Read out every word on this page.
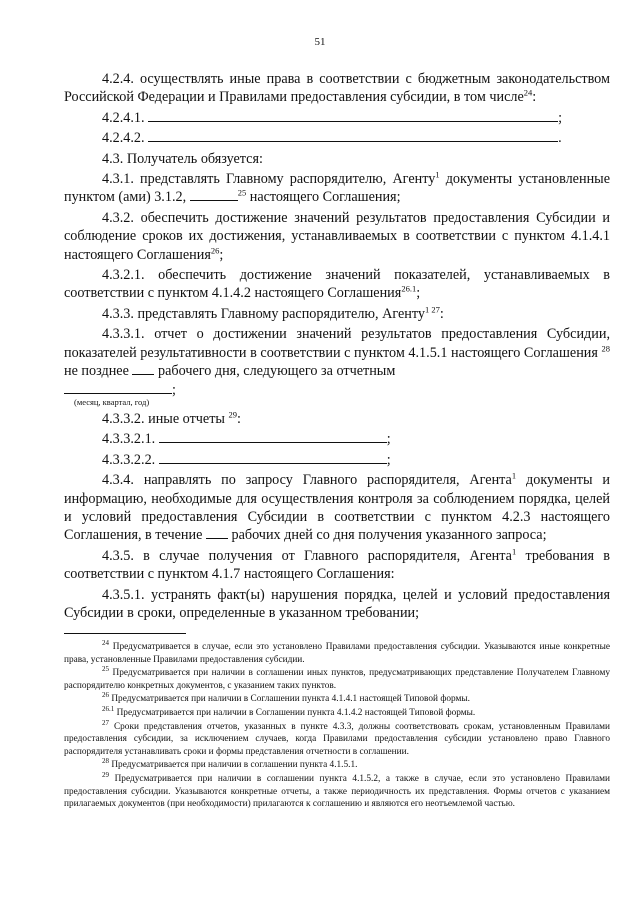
51

4.2.4. осуществлять иные права в соответствии с бюджетным законодательством Российской Федерации и Правилами предоставления субсидии, в том числе$^{24}$:

4.2.4.1.	;

4.2.4.2.	.

4.3. Получатель обязуется:

4.3.1. представлять Главному распорядителю, Агенту$^1$ документы установленные пунктом (ами) 3.1.2,	$^{25}$ настоящего Соглашения;

4.3.2. обеспечить достижение значений результатов предоставления Субсидии и соблюдение сроков их достижения, устанавливаемых в соответствии с пунктом 4.1.4.1 настоящего Соглашения$^{26}$;

4.3.2.1. обеспечить достижение значений показателей, устанавливаемых в соответствии с пунктом 4.1.4.2 настоящего Соглашения$^{26.1}$;

4.3.3. представлять Главному распорядителю, Агенту$^{1 27}$:

4.3.3.1. отчет о достижении значений результатов предоставления Субсидии, показателей результативности в соответствии с пунктом 4.1.5.1 настоящего Соглашения $^{28}$ не позднее рабочего дня, следующего за отчетным
;

(месяц, квартал, год)

4.3.3.2. иные отчеты $^{29}$:

4.3.3.2.1.	;

4.3.3.2.2.	;

4.3.4. направлять по запросу Главного распорядителя, Агента$^1$ документы и информацию, необходимые для осуществления контроля за соблюдением порядка, целей и условий предоставления Субсидии в соответствии с пунктом 4.2.3 настоящего Соглашения, в течение рабочих дней со дня получения указанного запроса;

4.3.5. в случае получения от Главного распорядителя, Агента$^1$ требования в соответствии с пунктом 4.1.7 настоящего Соглашения:

4.3.5.1. устранять факт(ы) нарушения порядка, целей и условий предоставления Субсидии в сроки, определенные в указанном требовании;

$^{24}$ Предусматривается в случае, если это установлено Правилами предоставления субсидии. Указываются иные конкретные права, установленные Правилами предоставления субсидии.

$^{25}$ Предусматривается при наличии в соглашении иных пунктов, предусматривающих представление Получателем Главному распорядителю конкретных документов, с указанием таких пунктов.

$^{26}$ Предусматривается при наличии в Соглашении пункта 4.1.4.1 настоящей Типовой формы.

$^{26.1}$ Предусматривается при наличии в Соглашении пункта 4.1.4.2 настоящей Типовой формы.

$^{27}$ Сроки представления отчетов, указанных в пункте 4.3.3, должны соответствовать срокам, установленным Правилами предоставления субсидии, за исключением случаев, когда Правилами предоставления субсидии установлено право Главного распорядителя устанавливать сроки и формы представления отчетности в соглашении.

$^{28}$ Предусматривается при наличии в соглашении пункта 4.1.5.1.

$^{29}$ Предусматривается при наличии в соглашении пункта 4.1.5.2, а также в случае, если это установлено Правилами предоставления субсидии. Указываются конкретные отчеты, а также периодичность их представления. Формы отчетов с указанием прилагаемых документов (при необходимости) прилагаются к соглашению и являются его неотъемлемой частью.
